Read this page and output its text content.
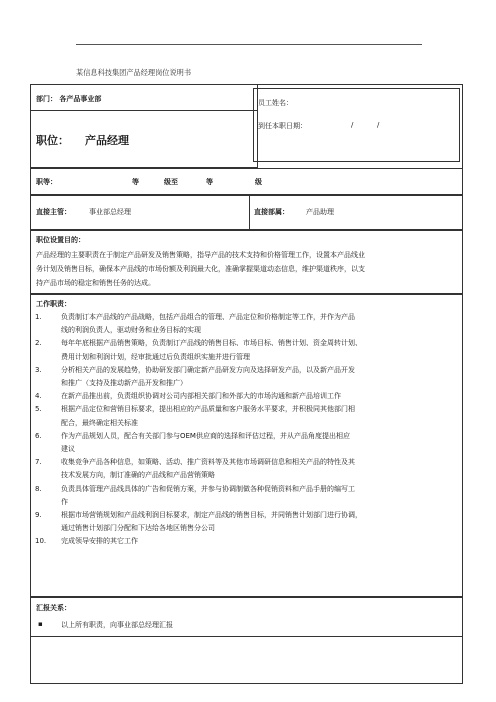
某信息科技集团产品经理岗位说明书
部门： 各产品事业部
职位： 产品经理
员工姓名：
到任本职日期：	/	/
职等：	等	级至	等	级
直接主管：	事业部总经理	直接部属： 产品助理
职位设置目的：
产品经理的主要职责在于制定产品研发及销售策略，指导产品的技术支持和价格管理工作，设置本产品线业
务计划及销售目标，确保本产品线的市场份额及利润最大化，准确掌握渠道动态信息，维护渠道秩序，以支
持产品市场的稳定和销售任务的达成。
工作职责：
1.	负责制订本产品线的产品战略，包括产品组合的管理、产品定位和价格制定等工作，并作为产品
线的利润负责人，驱动财务和业务目标的实现
2.	每年年底根据产品销售策略，负责制订产品线的销售目标、市场目标、销售计划、资金周转计划、
费用计划和利润计划，经审批通过后负责组织实施并进行管理
3.	分析相关产品的发展趋势，协助研发部门确定新产品研发方向及选择研发产品，以及新产品开发
和推广（支持及推动新产品开发和推广）
4.	在新产品推出前，负责组织协调对公司内部相关部门和外部大的市场沟通和新产品培训工作
5.	根据产品定位和营销目标要求，提出相应的产品质量和客户服务水平要求，并积极同其他部门相
配合，最终确定相关标准
6.	作为产品规划人员，配合有关部门参与OEM供应商的选择和评估过程，并从产品角度提出相应
建议
7.	收集竞争产品各种信息，如策略、活动、推广资料等及其他市场调研信息和相关产品的特性及其
技术发展方向，制订准确的产品线和产品营销策略
8.	负责具体管理产品线具体的广告和促销方案，并参与协调制做各种促销资料和产品手册的编写工
作
9.	根据市场营销规划和产品线利润目标要求，制定产品线的销售目标，并同销售计划部门进行协调，
通过销售计划部门分配和下达给各地区销售分公司
10.	完成领导安排的其它工作
汇报关系：
▪	以上所有职责，向事业部总经理汇报
